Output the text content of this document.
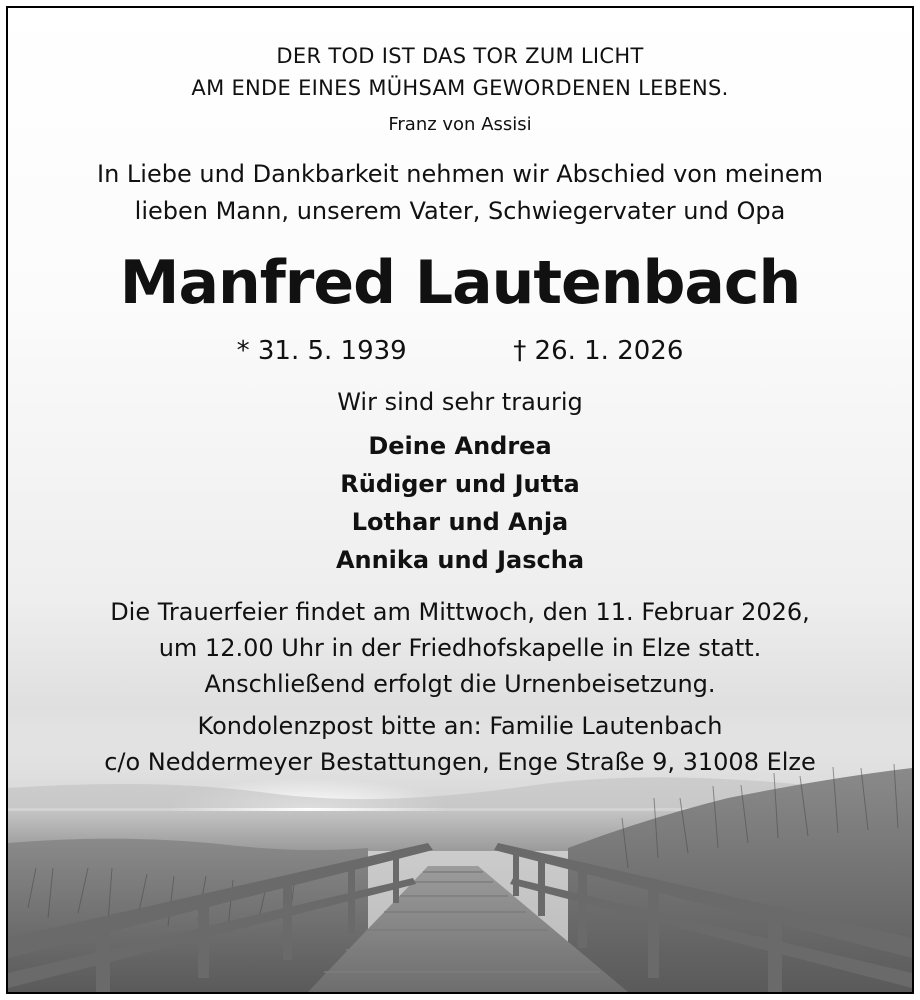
DER TOD IST DAS TOR ZUM LICHT
AM ENDE EINES MÜHSAM GEWORDENEN LEBENS.
Franz von Assisi
In Liebe und Dankbarkeit nehmen wir Abschied von meinem
lieben Mann, unserem Vater, Schwiegervater und Opa
Manfred Lautenbach
* 31. 5. 1939	† 26. 1. 2026
Wir sind sehr traurig
Deine Andrea
Rüdiger und Jutta
Lothar und Anja
Annika und Jascha
Die Trauerfeier findet am Mittwoch, den 11. Februar 2026,
um 12.00 Uhr in der Friedhofskapelle in Elze statt.
Anschließend erfolgt die Urnenbeisetzung.
Kondolenzpost bitte an: Familie Lautenbach
c/o Neddermeyer Bestattungen, Enge Straße 9, 31008 Elze
